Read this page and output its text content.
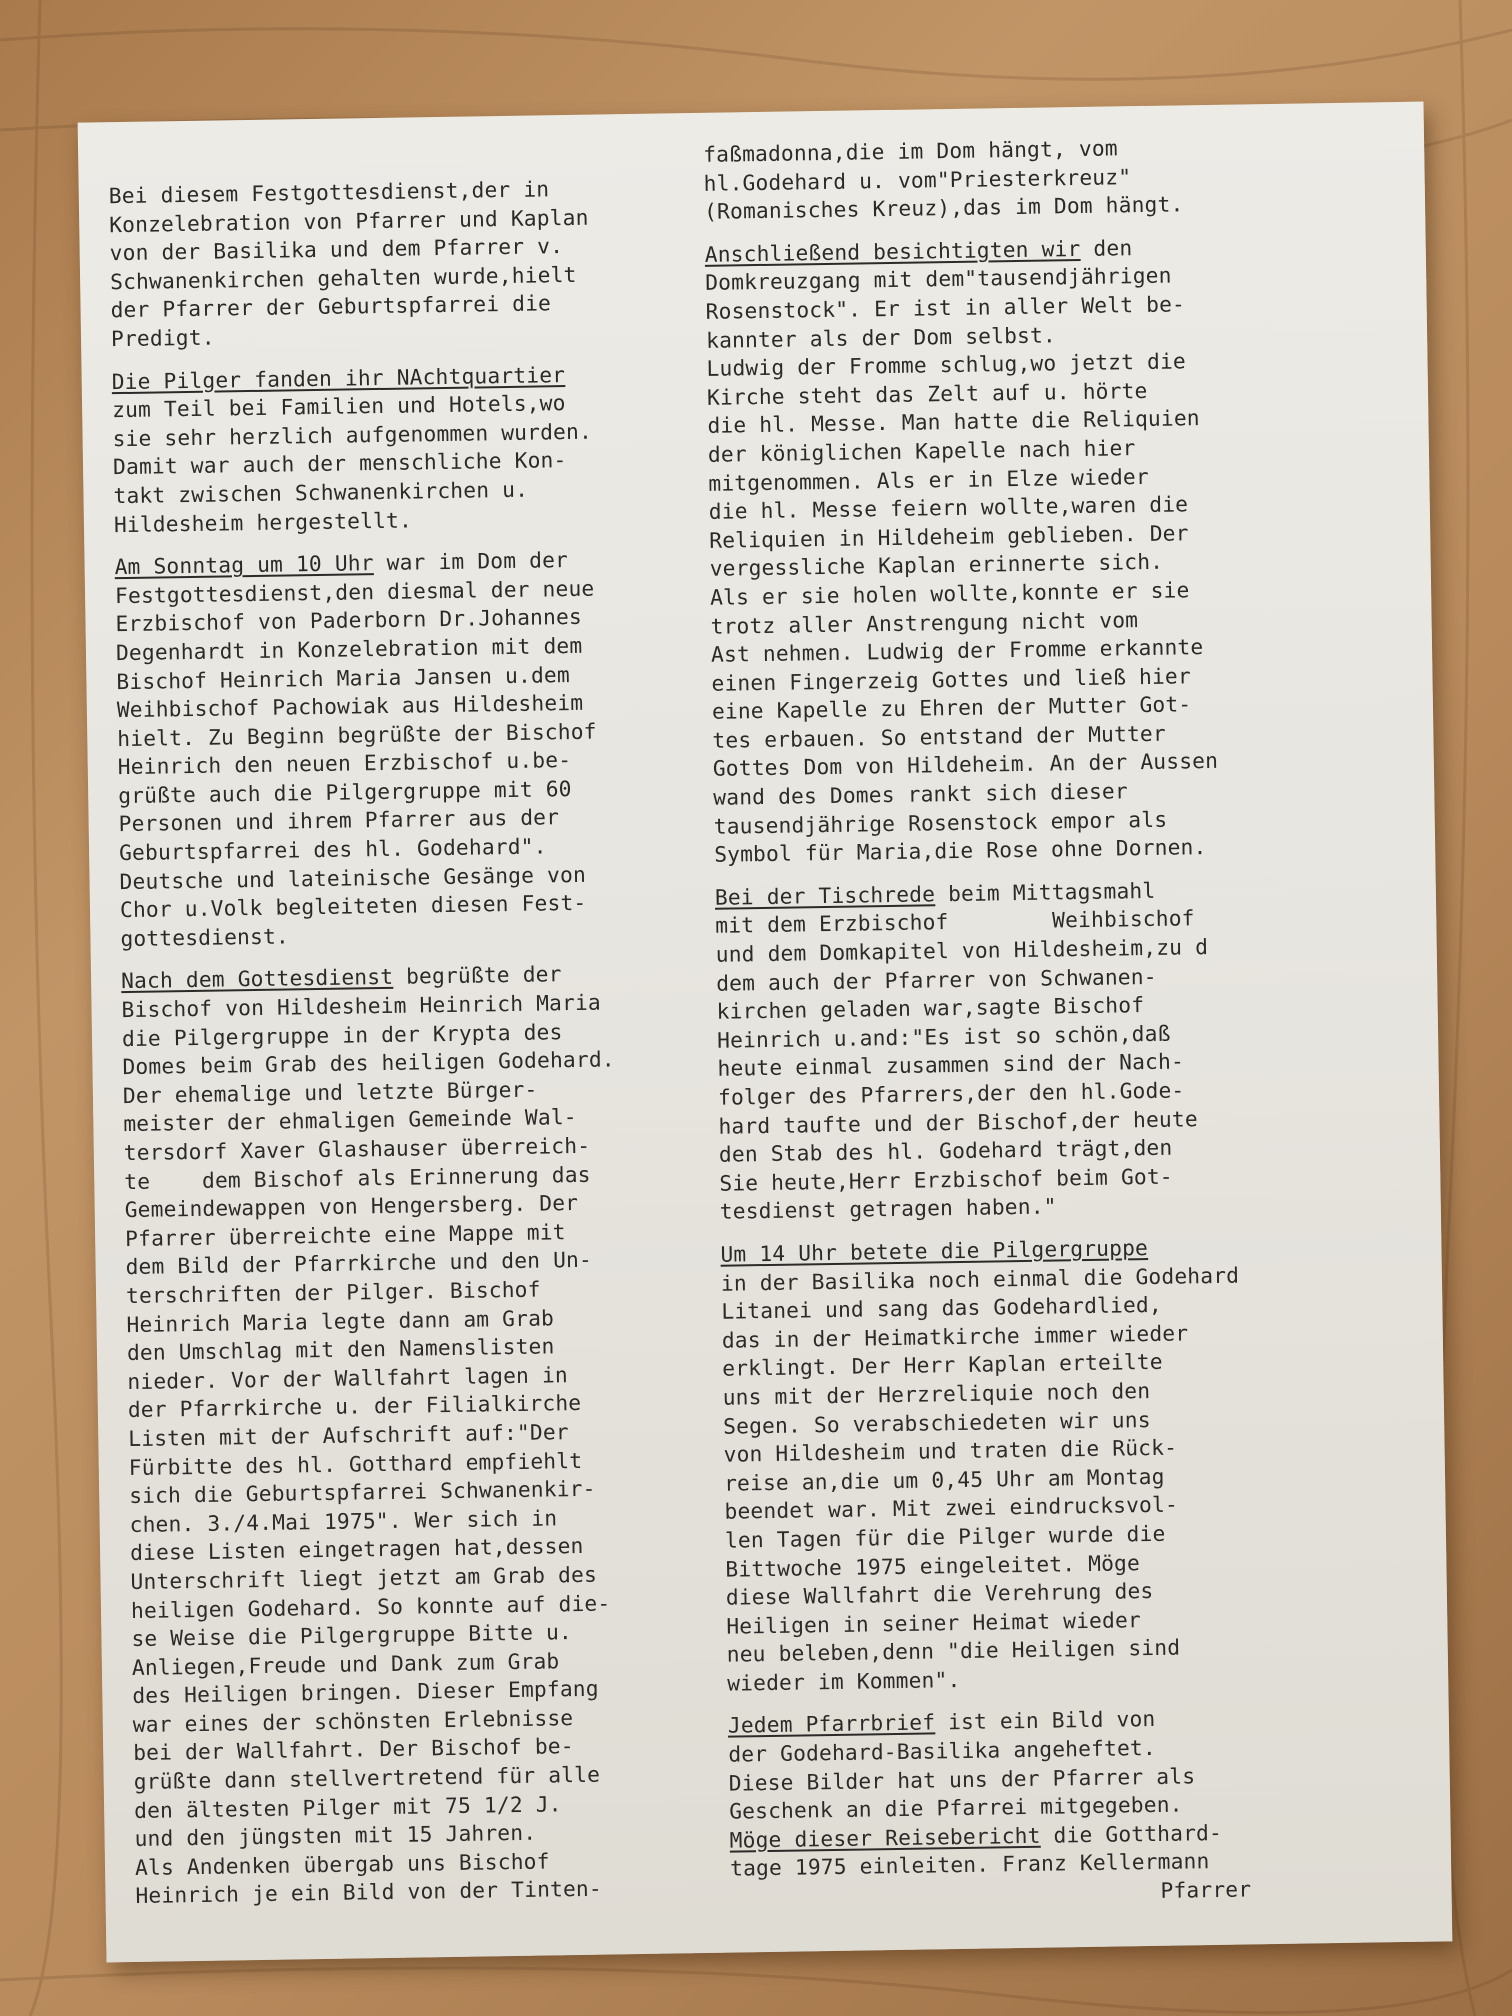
Bei diesem Festgottesdienst,der in
Konzelebration von Pfarrer und Kaplan
von der Basilika und dem Pfarrer v.
Schwanenkirchen gehalten wurde,hielt
der Pfarrer der Geburtspfarrei die
Predigt.
Die Pilger fanden ihr NAchtquartier
zum Teil bei Familien und Hotels,wo
sie sehr herzlich aufgenommen wurden.
Damit war auch der menschliche Kon-
takt zwischen Schwanenkirchen u.
Hildesheim hergestellt.
Am Sonntag um 10 Uhr war im Dom der
Festgottesdienst,den diesmal der neue
Erzbischof von Paderborn Dr.Johannes
Degenhardt in Konzelebration mit dem
Bischof Heinrich Maria Jansen u.dem
Weihbischof Pachowiak aus Hildesheim
hielt. Zu Beginn begrüßte der Bischof
Heinrich den neuen Erzbischof u.be-
grüßte auch die Pilgergruppe mit 60
Personen und ihrem Pfarrer aus der
Geburtspfarrei des hl. Godehard".
Deutsche und lateinische Gesänge von
Chor u.Volk begleiteten diesen Fest-
gottesdienst.
Nach dem Gottesdienst begrüßte der
Bischof von Hildesheim Heinrich Maria
die Pilgergruppe in der Krypta des
Domes beim Grab des heiligen Godehard.
Der ehemalige und letzte Bürger-
meister der ehmaligen Gemeinde Wal-
tersdorf Xaver Glashauser überreich-
te    dem Bischof als Erinnerung das
Gemeindewappen von Hengersberg. Der
Pfarrer überreichte eine Mappe mit
dem Bild der Pfarrkirche und den Un-
terschriften der Pilger. Bischof
Heinrich Maria legte dann am Grab
den Umschlag mit den Namenslisten
nieder. Vor der Wallfahrt lagen in
der Pfarrkirche u. der Filialkirche
Listen mit der Aufschrift auf:"Der
Fürbitte des hl. Gotthard empfiehlt
sich die Geburtspfarrei Schwanenkir-
chen. 3./4.Mai 1975". Wer sich in
diese Listen eingetragen hat,dessen
Unterschrift liegt jetzt am Grab des
heiligen Godehard. So konnte auf die-
se Weise die Pilgergruppe Bitte u.
Anliegen,Freude und Dank zum Grab
des Heiligen bringen. Dieser Empfang
war eines der schönsten Erlebnisse
bei der Wallfahrt. Der Bischof be-
grüßte dann stellvertretend für alle
den ältesten Pilger mit 75 1/2 J.
und den jüngsten mit 15 Jahren.
Als Andenken übergab uns Bischof
Heinrich je ein Bild von der Tinten-
faßmadonna,die im Dom hängt, vom
hl.Godehard u. vom"Priesterkreuz"
(Romanisches Kreuz),das im Dom hängt.
Anschließend besichtigten wir den
Domkreuzgang mit dem"tausendjährigen
Rosenstock". Er ist in aller Welt be-
kannter als der Dom selbst.
Ludwig der Fromme schlug,wo jetzt die
Kirche steht das Zelt auf u. hörte
die hl. Messe. Man hatte die Reliquien
der königlichen Kapelle nach hier
mitgenommen. Als er in Elze wieder
die hl. Messe feiern wollte,waren die
Reliquien in Hildeheim geblieben. Der
vergessliche Kaplan erinnerte sich.
Als er sie holen wollte,konnte er sie
trotz aller Anstrengung nicht vom
Ast nehmen. Ludwig der Fromme erkannte
einen Fingerzeig Gottes und ließ hier
eine Kapelle zu Ehren der Mutter Got-
tes erbauen. So entstand der Mutter
Gottes Dom von Hildeheim. An der Aussen
wand des Domes rankt sich dieser
tausendjährige Rosenstock empor als
Symbol für Maria,die Rose ohne Dornen.
Bei der Tischrede beim Mittagsmahl
mit dem Erzbischof        Weihbischof
und dem Domkapitel von Hildesheim,zu d
dem auch der Pfarrer von Schwanen-
kirchen geladen war,sagte Bischof
Heinrich u.and:"Es ist so schön,daß
heute einmal zusammen sind der Nach-
folger des Pfarrers,der den hl.Gode-
hard taufte und der Bischof,der heute
den Stab des hl. Godehard trägt,den
Sie heute,Herr Erzbischof beim Got-
tesdienst getragen haben."
Um 14 Uhr betete die Pilgergruppe
in der Basilika noch einmal die Godehard
Litanei und sang das Godehardlied,
das in der Heimatkirche immer wieder
erklingt. Der Herr Kaplan erteilte
uns mit der Herzreliquie noch den
Segen. So verabschiedeten wir uns
von Hildesheim und traten die Rück-
reise an,die um 0,45 Uhr am Montag
beendet war. Mit zwei eindrucksvol-
len Tagen für die Pilger wurde die
Bittwoche 1975 eingeleitet. Möge
diese Wallfahrt die Verehrung des
Heiligen in seiner Heimat wieder
neu beleben,denn "die Heiligen sind
wieder im Kommen".
Jedem Pfarrbrief ist ein Bild von
der Godehard-Basilika angeheftet.
Diese Bilder hat uns der Pfarrer als
Geschenk an die Pfarrei mitgegeben.
Möge dieser Reisebericht die Gotthard-
tage 1975 einleiten. Franz Kellermann
Pfarrer
